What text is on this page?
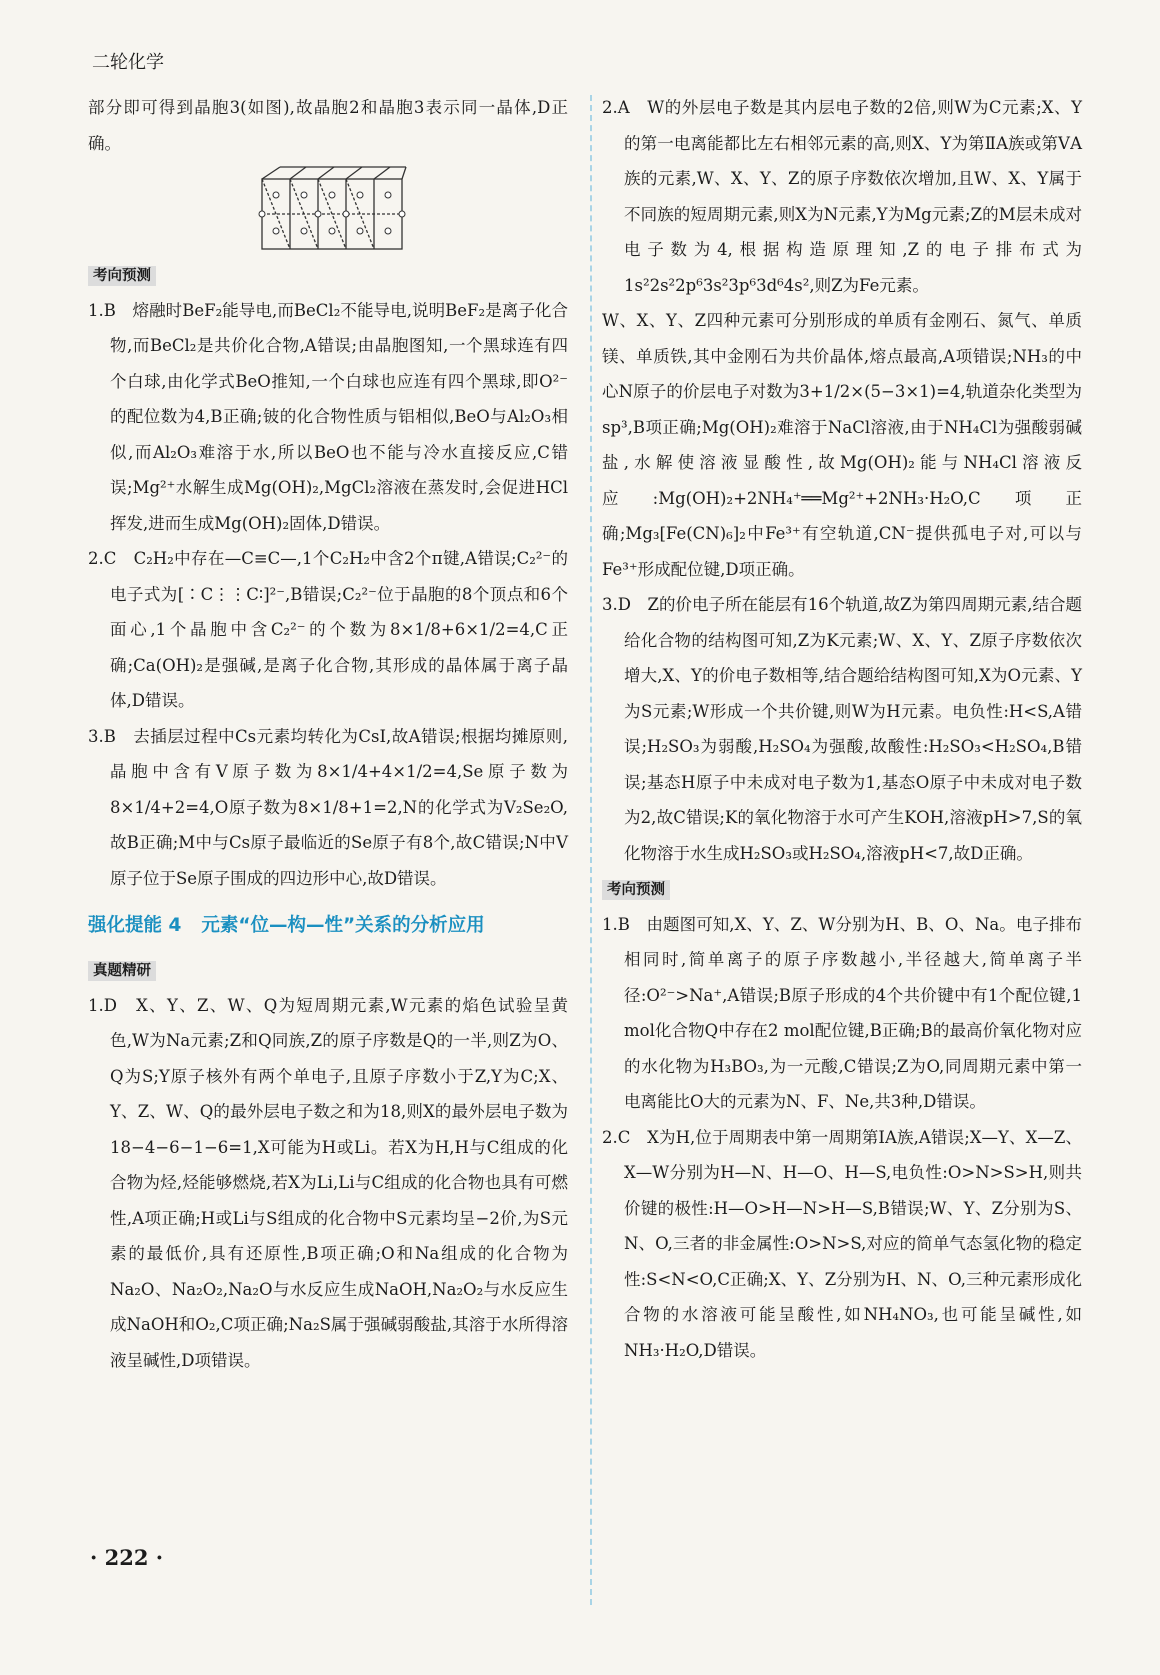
二轮化学

部分即可得到晶胞3(如图),故晶胞2和晶胞3表示同一晶体,D正确。

考向预测

1.B　熔融时BeF₂能导电,而BeCl₂不能导电,说明BeF₂是离子化合物,而BeCl₂是共价化合物,A错误;由晶胞图知,一个黑球连有四个白球,由化学式BeO推知,一个白球也应连有四个黑球,即O²⁻的配位数为4,B正确;铍的化合物性质与铝相似,BeO与Al₂O₃相似,而Al₂O₃难溶于水,所以BeO也不能与冷水直接反应,C错误;Mg²⁺水解生成Mg(OH)₂,MgCl₂溶液在蒸发时,会促进HCl挥发,进而生成Mg(OH)₂固体,D错误。

2.C　C₂H₂中存在—C≡C—,1个C₂H₂中含2个π键,A错误;C₂²⁻的电子式为[∶C⋮⋮C∶]²⁻,B错误;C₂²⁻位于晶胞的8个顶点和6个面心,1个晶胞中含C₂²⁻的个数为8×1/8+6×1/2=4,C正确;Ca(OH)₂是强碱,是离子化合物,其形成的晶体属于离子晶体,D错误。

3.B　去插层过程中Cs元素均转化为CsI,故A错误;根据均摊原则,晶胞中含有V原子数为8×1/4+4×1/2=4,Se原子数为8×1/4+2=4,O原子数为8×1/8+1=2,N的化学式为V₂Se₂O,故B正确;M中与Cs原子最临近的Se原子有8个,故C错误;N中V原子位于Se原子围成的四边形中心,故D错误。

强化提能 4 元素“位—构—性”关系的分析应用
真题精研

1.D　X、Y、Z、W、Q为短周期元素,W元素的焰色试验呈黄色,W为Na元素;Z和Q同族,Z的原子序数是Q的一半,则Z为O、Q为S;Y原子核外有两个单电子,且原子序数小于Z,Y为C;X、Y、Z、W、Q的最外层电子数之和为18,则X的最外层电子数为18−4−6−1−6=1,X可能为H或Li。若X为H,H与C组成的化合物为烃,烃能够燃烧,若X为Li,Li与C组成的化合物也具有可燃性,A项正确;H或Li与S组成的化合物中S元素均呈−2价,为S元素的最低价,具有还原性,B项正确;O和Na组成的化合物为Na₂O、Na₂O₂,Na₂O与水反应生成NaOH,Na₂O₂与水反应生成NaOH和O₂,C项正确;Na₂S属于强碱弱酸盐,其溶于水所得溶液呈碱性,D项错误。

2.A　W的外层电子数是其内层电子数的2倍,则W为C元素;X、Y的第一电离能都比左右相邻元素的高,则X、Y为第ⅡA族或第ⅤA族的元素,W、X、Y、Z的原子序数依次增加,且W、X、Y属于不同族的短周期元素,则X为N元素,Y为Mg元素;Z的M层未成对电子数为4,根据构造原理知,Z的电子排布式为1s²2s²2p⁶3s²3p⁶3d⁶4s²,则Z为Fe元素。

W、X、Y、Z四种元素可分别形成的单质有金刚石、氮气、单质镁、单质铁,其中金刚石为共价晶体,熔点最高,A项错误;NH₃的中心N原子的价层电子对数为3+1/2×(5−3×1)=4,轨道杂化类型为sp³,B项正确;Mg(OH)₂难溶于NaCl溶液,由于NH₄Cl为强酸弱碱盐,水解使溶液显酸性,故Mg(OH)₂能与NH₄Cl溶液反应:Mg(OH)₂+2NH₄⁺══Mg²⁺+2NH₃·H₂O,C项正确;Mg₃[Fe(CN)₆]₂中Fe³⁺有空轨道,CN⁻提供孤电子对,可以与Fe³⁺形成配位键,D项正确。

3.D　Z的价电子所在能层有16个轨道,故Z为第四周期元素,结合题给化合物的结构图可知,Z为K元素;W、X、Y、Z原子序数依次增大,X、Y的价电子数相等,结合题给结构图可知,X为O元素、Y为S元素;W形成一个共价键,则W为H元素。电负性:H<S,A错误;H₂SO₃为弱酸,H₂SO₄为强酸,故酸性:H₂SO₃<H₂SO₄,B错误;基态H原子中未成对电子数为1,基态O原子中未成对电子数为2,故C错误;K的氧化物溶于水可产生KOH,溶液pH>7,S的氧化物溶于水生成H₂SO₃或H₂SO₄,溶液pH<7,故D正确。

考向预测

1.B　由题图可知,X、Y、Z、W分别为H、B、O、Na。电子排布相同时,简单离子的原子序数越小,半径越大,简单离子半径:O²⁻>Na⁺,A错误;B原子形成的4个共价键中有1个配位键,1 mol化合物Q中存在2 mol配位键,B正确;B的最高价氧化物对应的水化物为H₃BO₃,为一元酸,C错误;Z为O,同周期元素中第一电离能比O大的元素为N、F、Ne,共3种,D错误。

2.C　X为H,位于周期表中第一周期第ⅠA族,A错误;X—Y、X—Z、X—W分别为H—N、H—O、H—S,电负性:O>N>S>H,则共价键的极性:H—O>H—N>H—S,B错误;W、Y、Z分别为S、N、O,三者的非金属性:O>N>S,对应的简单气态氢化物的稳定性:S<N<O,C正确;X、Y、Z分别为H、N、O,三种元素形成化合物的水溶液可能呈酸性,如NH₄NO₃,也可能呈碱性,如NH₃·H₂O,D错误。

· 222 ·
